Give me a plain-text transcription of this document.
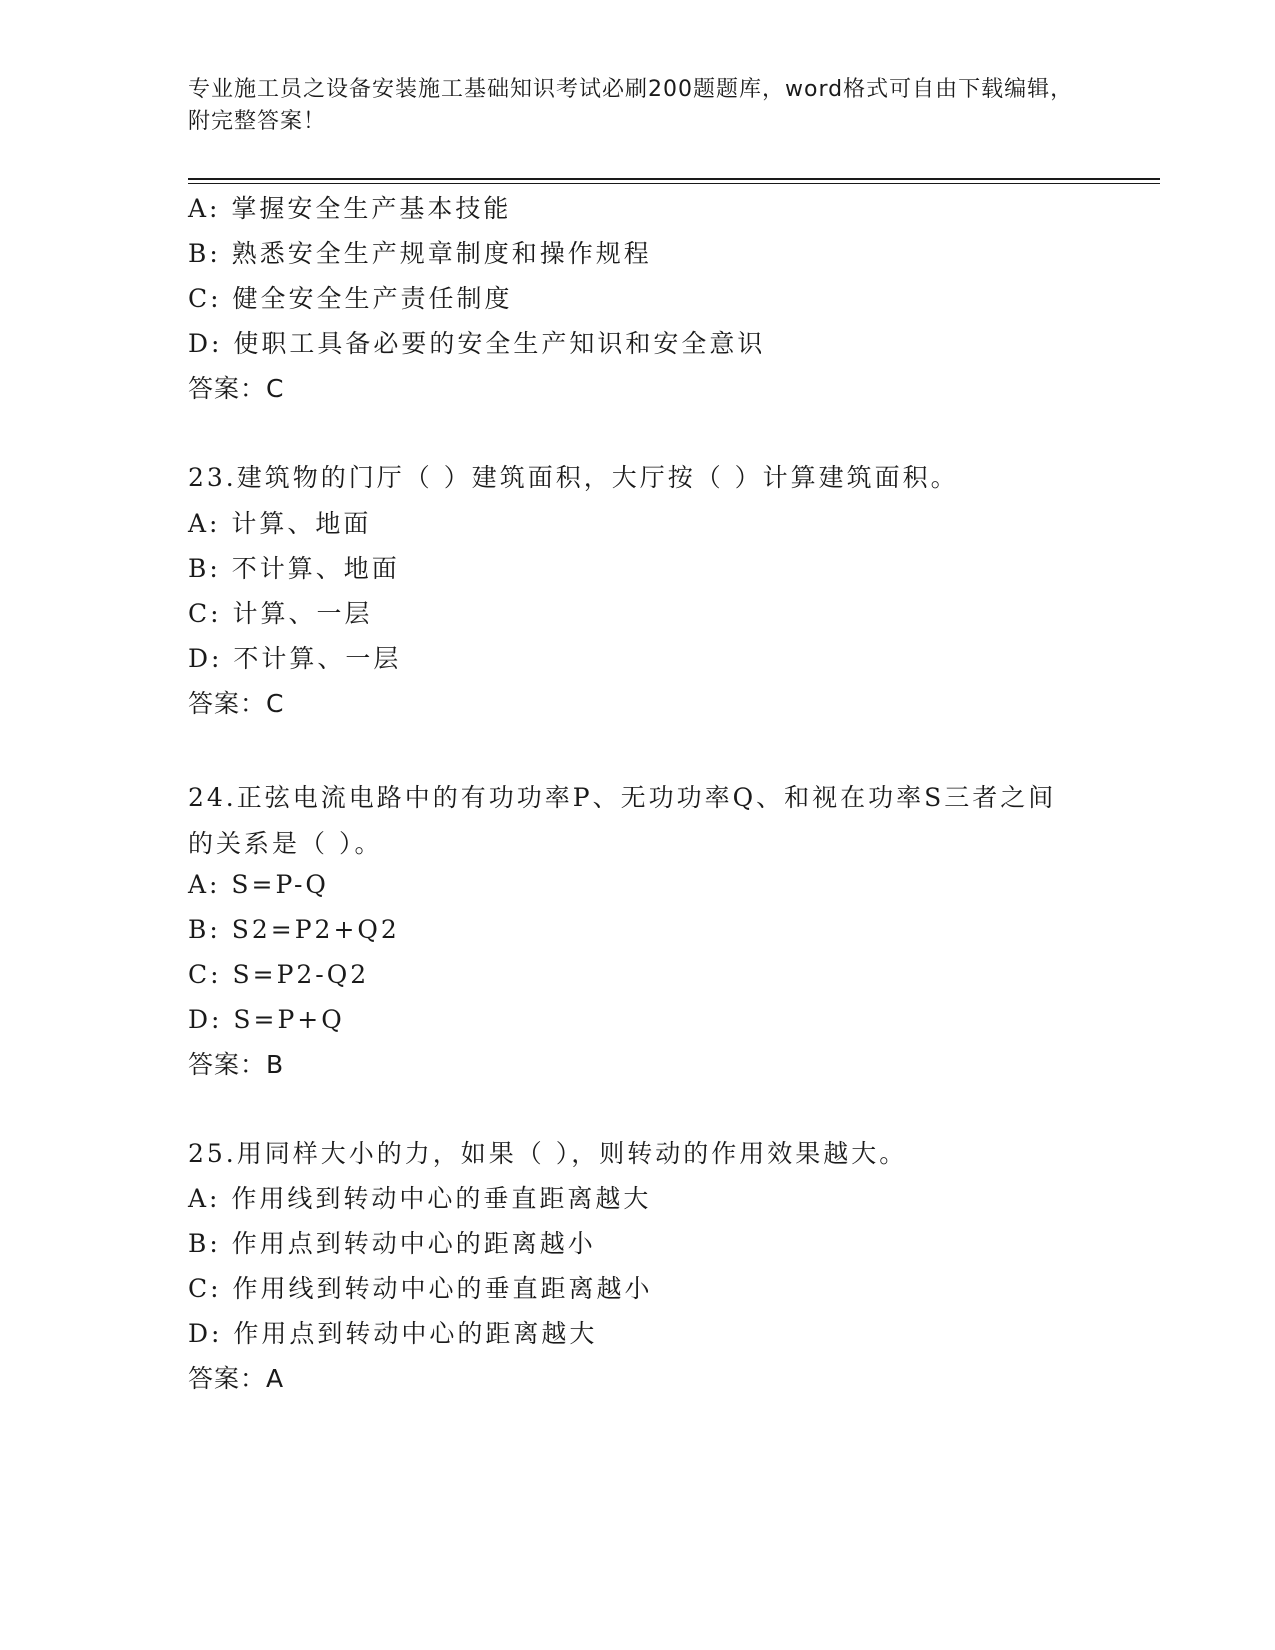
专业施工员之设备安装施工基础知识考试必刷200题题库，word格式可自由下载编辑，附完整答案！
A: 掌握安全生产基本技能
B: 熟悉安全生产规章制度和操作规程
C: 健全安全生产责任制度
D: 使职工具备必要的安全生产知识和安全意识
答案：C
23.建筑物的门厅（ ）建筑面积，大厅按（ ）计算建筑面积。
A: 计算、地面
B: 不计算、地面
C: 计算、一层
D: 不计算、一层
答案：C
24.正弦电流电路中的有功功率P、无功功率Q、和视在功率S三者之间的关系是（ ）。
A: S=P-Q
B: S2=P2+Q2
C: S=P2-Q2
D: S=P+Q
答案：B
25.用同样大小的力，如果（ ），则转动的作用效果越大。
A: 作用线到转动中心的垂直距离越大
B: 作用点到转动中心的距离越小
C: 作用线到转动中心的垂直距离越小
D: 作用点到转动中心的距离越大
答案：A
